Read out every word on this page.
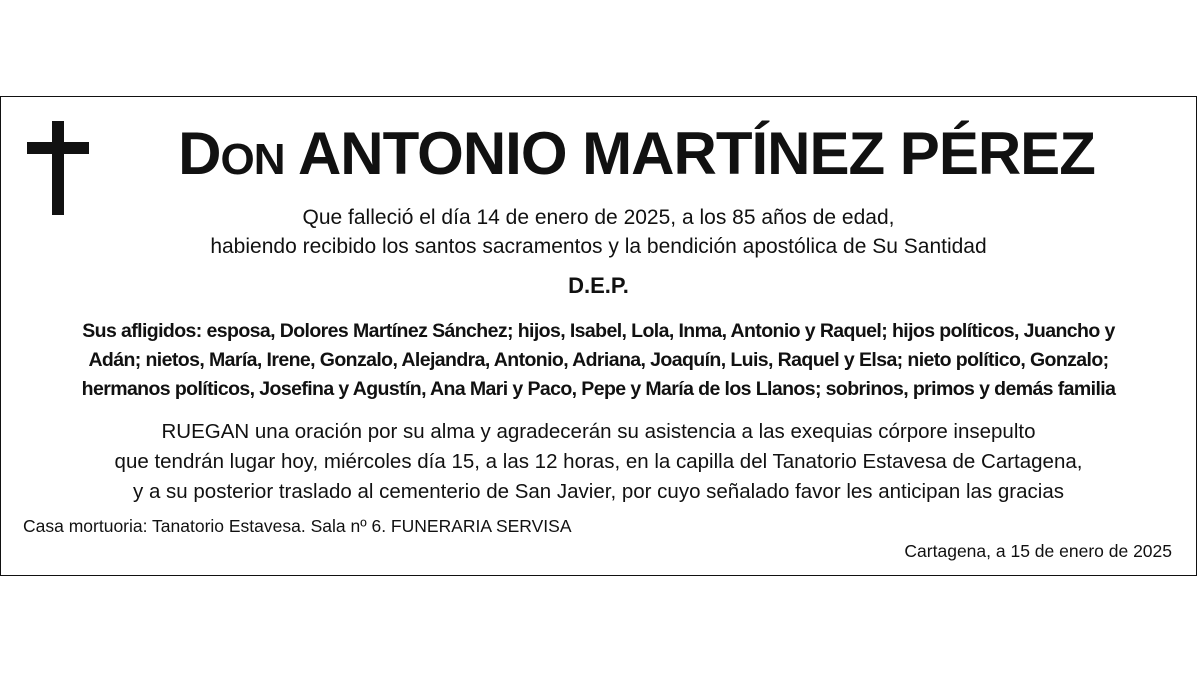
DON ANTONIO MARTÍNEZ PÉREZ
Que falleció el día 14 de enero de 2025, a los 85 años de edad,
habiendo recibido los santos sacramentos y la bendición apostólica de Su Santidad
D.E.P.
Sus afligidos: esposa, Dolores Martínez Sánchez; hijos, Isabel, Lola, Inma, Antonio y Raquel; hijos políticos, Juancho y
Adán; nietos, María, Irene, Gonzalo, Alejandra, Antonio, Adriana, Joaquín, Luis, Raquel y Elsa; nieto político, Gonzalo;
hermanos políticos, Josefina y Agustín, Ana Mari y Paco, Pepe y María de los Llanos; sobrinos, primos y demás familia
RUEGAN una oración por su alma y agradecerán su asistencia a las exequias córpore insepulto
que tendrán lugar hoy, miércoles día 15, a las 12 horas, en la capilla del Tanatorio Estavesa de Cartagena,
y a su posterior traslado al cementerio de San Javier, por cuyo señalado favor les anticipan las gracias
Casa mortuoria: Tanatorio Estavesa. Sala nº 6. FUNERARIA SERVISA
Cartagena, a 15 de enero de 2025
